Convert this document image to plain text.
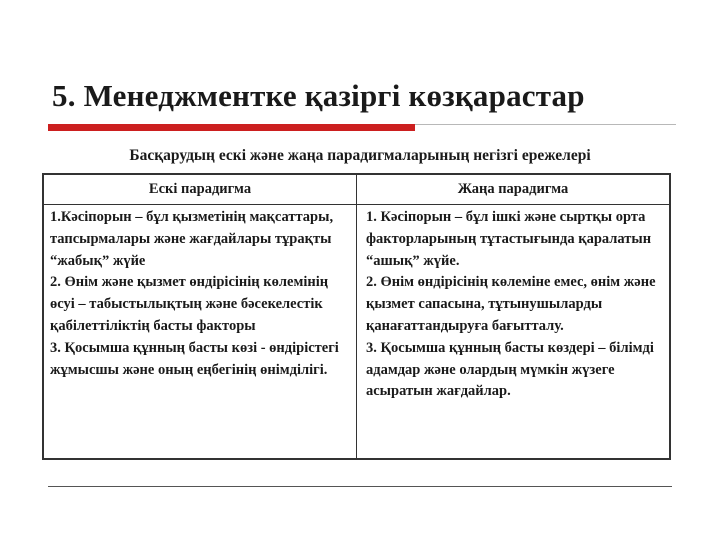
5. Менеджментке қазіргі көзқарастар
Басқарудың ескі және жаңа парадигмаларының негізгі ережелері
Ескі парадигма	Жаңа парадигма

1.Кәсіпорын – бұл қызметінің мақсаттары, тапсырмалары және жағдайлары тұрақты “жабық” жүйе

2. Өнім және қызмет өндірісінің көлемінің өсуі – табыстылықтың және бәсекелестік қабілеттіліктің басты факторы

3. Қосымша құнның басты көзі - өндірістегі жұмысшы және оның еңбегінің өнімділігі.

1. Кәсіпорын – бұл ішкі және сыртқы орта факторларының тұтастығында қаралатын “ашық” жүйе.

2. Өнім өндірісінің көлеміне емес, өнім және қызмет сапасына, тұтынушыларды қанағаттандыруға бағытталу.

3. Қосымша құнның басты көздері – білімді адамдар және олардың мүмкін жүзеге асыратын жағдайлар.
